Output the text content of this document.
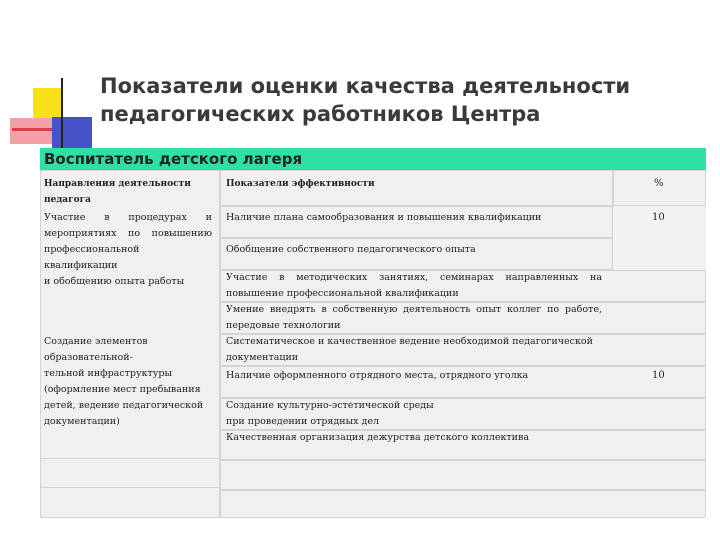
Показатели оценки качества деятельности
педагогических работников Центра
Воспитатель детского лагеря
Направления деятельности
педагога
Показатели эффективности	%
Участие в процедурах и
мероприятиях по повышению
профессиональной
квалификации
и обобщению опыта работы
Наличие плана самообразования и повышения квалификации
Обобщение собственного педагогического опыта
Участие в методических занятиях, семинарах направленных на
повышение профессиональной квалификации
Умение внедрять в собственную деятельность опыт коллег по работе,
передовые технологии
10
Создание элементов
образовательной-
тельной инфраструктуры
(оформление мест пребывания
детей, ведение педагогической
документации)
Систематическое и качественное ведение необходимой педагогической
документации
Наличие оформленного отрядного места, отрядного уголка
Создание культурно-эстетической среды
при проведении отрядных дел
Качественная организация дежурства детского коллектива
10
